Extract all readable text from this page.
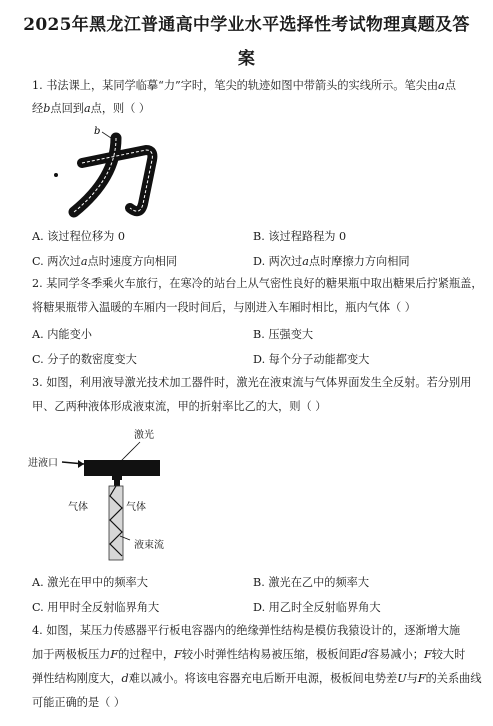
2025年黑龙江普通高中学业水平选择性考试物理真题及答
案
1. 书法课上，某同学临摹“力”字时，笔尖的轨迹如图中带箭头的实线所示。笔尖由a点
经b点回到a点，则（ ）
b
A. 该过程位移为 0	B. 该过程路程为 0
C. 两次过a点时速度方向相同	D. 两次过a点时摩擦力方向相同
2. 某同学冬季乘火车旅行，在寒冷的站台上从气密性良好的糖果瓶中取出糖果后拧紧瓶盖，
将糖果瓶带入温暖的车厢内一段时间后，与刚进入车厢时相比，瓶内气体（ ）
A. 内能变小	B. 压强变大
C. 分子的数密度变大	D. 每个分子动能都变大
3. 如图，利用液导激光技术加工器件时，激光在液束流与气体界面发生全反射。若分别用
甲、乙两种液体形成液束流，甲的折射率比乙的大，则（ ）
激光
进液口
气体	气体
液束流
A. 激光在甲中的频率大	B. 激光在乙中的频率大
C. 用甲时全反射临界角大	D. 用乙时全反射临界角大
4. 如图，某压力传感器平行板电容器内的绝缘弹性结构是模仿我猿设计的，逐渐增大施
加于两极板压力F的过程中，F较小时弹性结构易被压缩，极板间距d容易减小；F较大时
弹性结构刚度大，d难以减小。将该电容器充电后断开电源，极板间电势差U与F的关系曲线
可能正确的是（ ）
